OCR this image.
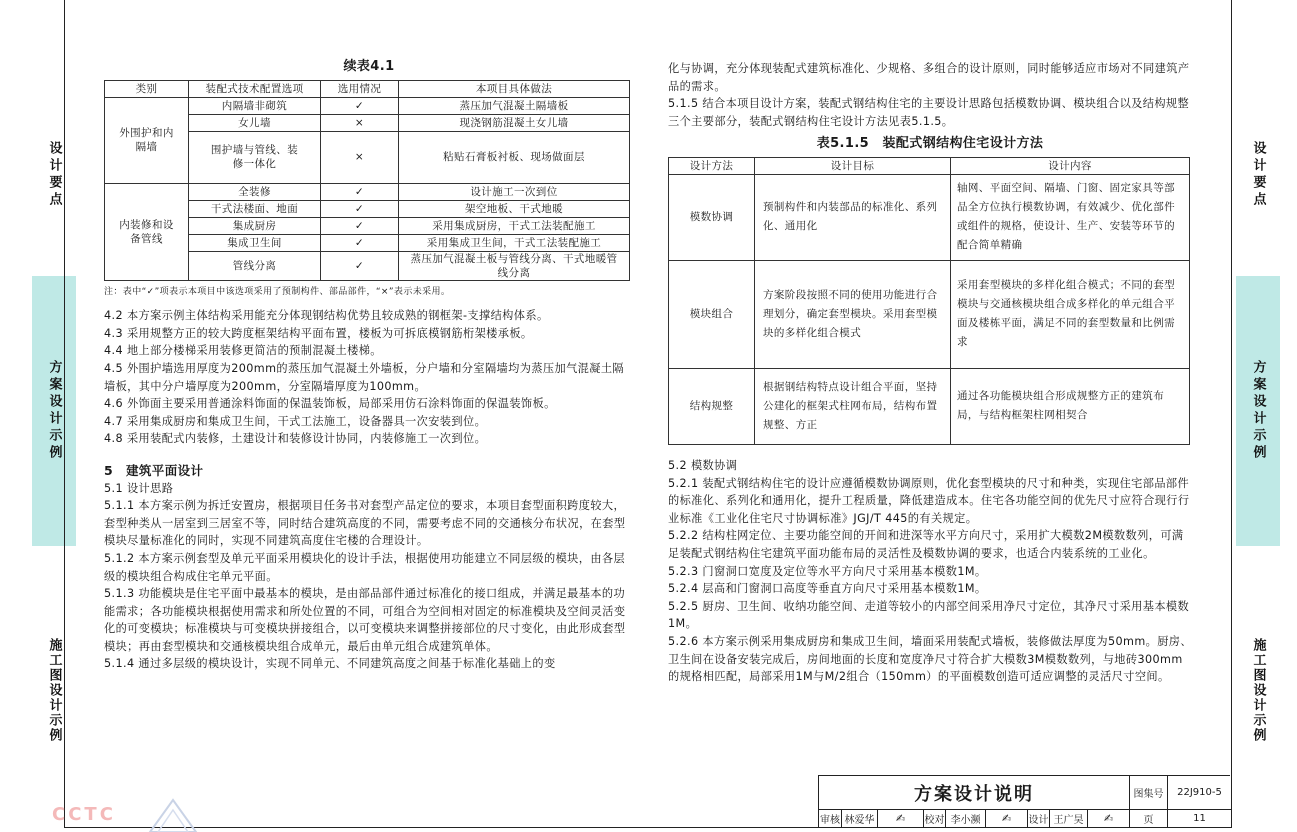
设计要点
方案设计示例
施工图设计示例
设计要点
方案设计示例
施工图设计示例
续表4.1
类别	装配式技术配置选项	选用情况	本项目具体做法
外围护和内隔墙	内隔墙非砌筑	✓	蒸压加气混凝土隔墙板
	女儿墙	×	现浇钢筋混凝土女儿墙
	围护墙与管线、装修一体化	×	粘贴石膏板衬板、现场做面层
内装修和设备管线	全装修	✓	设计施工一次到位
	干式法楼面、地面	✓	架空地板、干式地暖
	集成厨房	✓	采用集成厨房，干式工法装配施工
	集成卫生间	✓	采用集成卫生间，干式工法装配施工
	管线分离	✓	蒸压加气混凝土板与管线分离、干式地暖管线分离
注：表中“✓”项表示本项目中该选项采用了预制构件、部品部件，“×”表示未采用。

4.2 本方案示例主体结构采用能充分体现钢结构优势且较成熟的钢框架-支撑结构体系。

4.3 采用规整方正的较大跨度框架结构平面布置，楼板为可拆底模钢筋桁架楼承板。

4.4 地上部分楼梯采用装修更简洁的预制混凝土楼梯。

4.5 外围护墙选用厚度为200mm的蒸压加气混凝土外墙板，分户墙和分室隔墙均为蒸压加气混凝土隔墙板，其中分户墙厚度为200mm，分室隔墙厚度为100mm。

4.6 外饰面主要采用普通涂料饰面的保温装饰板，局部采用仿石涂料饰面的保温装饰板。

4.7 采用集成厨房和集成卫生间，干式工法施工，设备器具一次安装到位。

4.8 采用装配式内装修，土建设计和装修设计协同，内装修施工一次到位。

5　建筑平面设计

5.1 设计思路

5.1.1 本方案示例为拆迁安置房，根据项目任务书对套型产品定位的要求，本项目套型面积跨度较大，套型种类从一居室到三居室不等，同时结合建筑高度的不同，需要考虑不同的交通核分布状况，在套型模块尽量标准化的同时，实现不同建筑高度住宅楼的合理设计。

5.1.2 本方案示例套型及单元平面采用模块化的设计手法，根据使用功能建立不同层级的模块，由各层级的模块组合构成住宅单元平面。

5.1.3 功能模块是住宅平面中最基本的模块，是由部品部件通过标准化的接口组成，并满足最基本的功能需求；各功能模块根据使用需求和所处位置的不同，可组合为空间相对固定的标准模块及空间灵活变化的可变模块；标准模块与可变模块拼接组合，以可变模块来调整拼接部位的尺寸变化，由此形成套型模块；再由套型模块和交通核模块组合成单元，最后由单元组合成建筑单体。

5.1.4 通过多层级的模块设计，实现不同单元、不同建筑高度之间基于标准化基础上的变

化与协调，充分体现装配式建筑标准化、少规格、多组合的设计原则，同时能够适应市场对不同建筑产品的需求。

5.1.5 结合本项目设计方案，装配式钢结构住宅的主要设计思路包括模数协调、模块组合以及结构规整三个主要部分，装配式钢结构住宅设计方法见表5.1.5。

表5.1.5　装配式钢结构住宅设计方法
设计方法	设计目标	设计内容
模数协调	预制构件和内装部品的标准化、系列化、通用化	轴网、平面空间、隔墙、门窗、固定家具等部品全方位执行模数协调，有效减少、优化部件或组件的规格，使设计、生产、安装等环节的配合简单精确
模块组合	方案阶段按照不同的使用功能进行合理划分，确定套型模块。采用套型模块的多样化组合模式	采用套型模块的多样化组合模式；不同的套型模块与交通核模块组合成多样化的单元组合平面及楼栋平面，满足不同的套型数量和比例需求
结构规整	根据钢结构特点设计组合平面，坚持公建化的框架式柱网布局，结构布置规整、方正	通过各功能模块组合形成规整方正的建筑布局，与结构框架柱网相契合

5.2 模数协调

5.2.1 装配式钢结构住宅的设计应遵循模数协调原则，优化套型模块的尺寸和种类，实现住宅部品部件的标准化、系列化和通用化，提升工程质量，降低建造成本。住宅各功能空间的优先尺寸应符合现行行业标准《工业化住宅尺寸协调标准》JGJ/T 445的有关规定。

5.2.2 结构柱网定位、主要功能空间的开间和进深等水平方向尺寸，采用扩大模数2M模数数列，可满足装配式钢结构住宅建筑平面功能布局的灵活性及模数协调的要求，也适合内装系统的工业化。

5.2.3 门窗洞口宽度及定位等水平方向尺寸采用基本模数1M。

5.2.4 层高和门窗洞口高度等垂直方向尺寸采用基本模数1M。

5.2.5 厨房、卫生间、收纳功能空间、走道等较小的内部空间采用净尺寸定位，其净尺寸采用基本模数1M。

5.2.6 本方案示例采用集成厨房和集成卫生间，墙面采用装配式墙板，装修做法厚度为50mm。厨房、卫生间在设备安装完成后，房间地面的长度和宽度净尺寸符合扩大模数3M模数数列，与地砖300mm的规格相匹配，局部采用1M与M/2组合（150mm）的平面模数创造可适应调整的灵活尺寸空间。

方案设计说明	图集号	22J910-5
审核 林爱华	✍	校对 李小濒	✍	设计 王广昊	✍	页	11
CCTC
